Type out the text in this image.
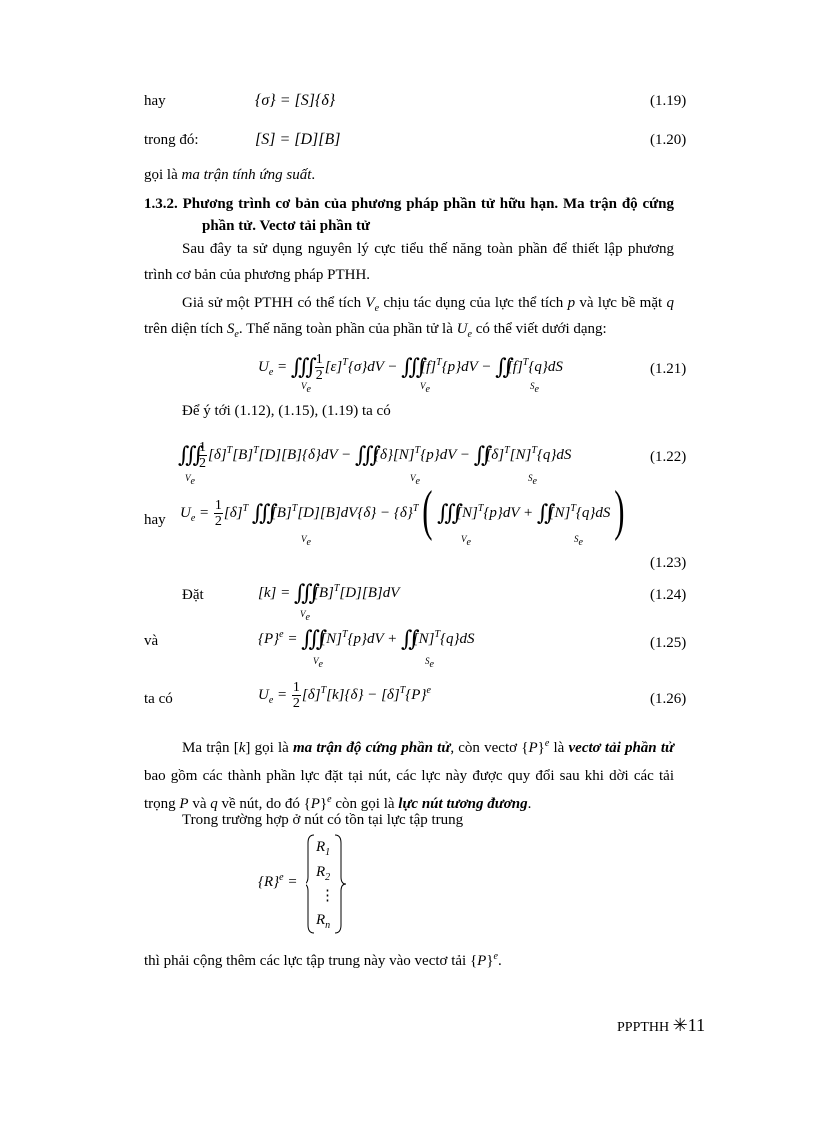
hay	{σ} = [S]{δ}	(1.19)
trong đó:	[S] = [D][B]	(1.20)
gọi là ma trận tính ứng suất.
1.3.2. Phương trình cơ bản của phương pháp phần tử hữu hạn. Ma trận độ cứng phần tử. Vectơ tải phần tử
Sau đây ta sử dụng nguyên lý cực tiểu thế năng toàn phần để thiết lập phương trình cơ bản của phương pháp PTHH.
Giả sử một PTHH có thể tích $V_e$ chịu tác dụng của lực thể tích p và lực bề mặt q trên diện tích $S_e$. Thế năng toàn phần của phần tử là $U_e$ có thể viết dưới dạng:
$U_e$ = ∭ $\frac{1}{2} [\varepsilon]^T\{\sigma\}dV$ − $∭[f]^T\{p\}dV$ − $∬[f]^T\{q\}dS$
$V_e$	$V_e$	$S_e$
(1.21)
Để ý tới (1.12), (1.15), (1.19) ta có
∭ $\frac{1}{2} [\delta]^T[B]^T[D][B]\{\delta\}dV$ − $∭\{\delta\}[N]^T\{p\}dV$ − $∬[\delta]^T[N]^T\{q\}dS$
$V_e$	$V_e$	$S_e$
(1.22)
hay $U_e = \frac{1}{2} [\delta]^T$ $∭[B]^T[D][B]dV\{\delta\} - \{\delta\}^T$( $∭[N]^T\{p\}dV$ + $∬[N]^T\{q\}dS$)
$V_e$	$V_e$	$S_e$
(1.23)
Đặt	$[k] = ∭[B]^T[D][B]dV$
$V_e$
(1.24)
và	$\{P\}^e$ = $∭[N]^T\{p\}dV$ + $∬[N]^T\{q\}dS$
$V_e$	$S_e$
(1.25)
ta có	$U_e = \frac{1}{2} [\delta]^T[k]\{\delta\} - [\delta]^T\{P\}^e$
(1.26)
Ma trận [k] gọi là ma trận độ cứng phần tử, còn vectơ $\{P\}^e$ là vectơ tải phần tử bao gồm các thành phần lực đặt tại nút, các lực này được quy đổi sau khi dời các tải trọng P và q về nút, do đó $\{P\}^e$ còn gọi là lực nút tương đương.
Trong trường hợp ở nút có tồn tại lực tập trung
$\{R\}^e$ =
$R_1$
$R_2$
⋮
$R_n$
thì phải cộng thêm các lực tập trung này vào vectơ tải $\{P\}^e$.
PPPTHH ✳11
